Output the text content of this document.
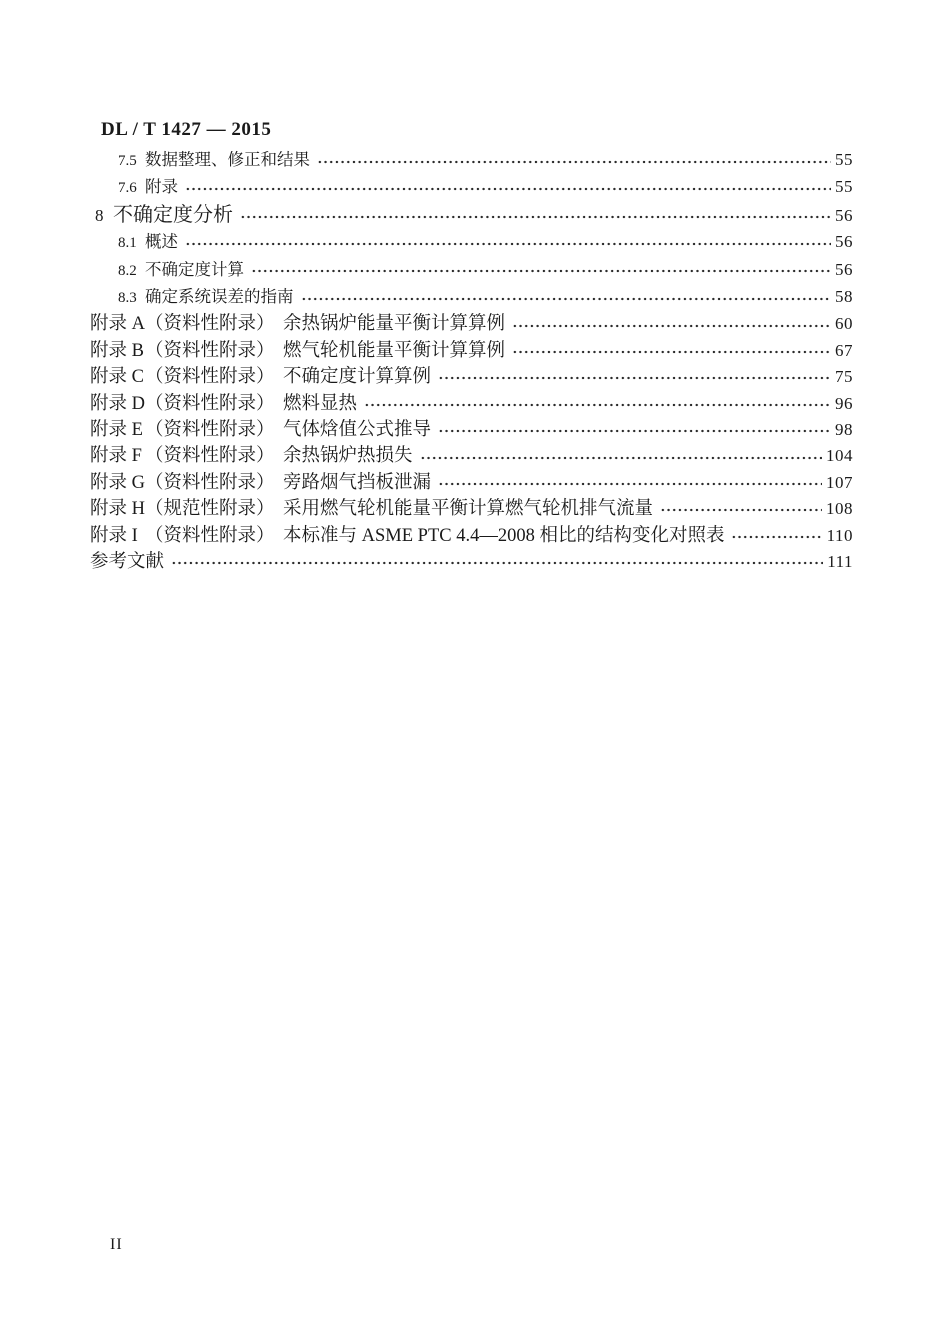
DL / T 1427 — 2015
7.5 数据整理、修正和结果	55
7.6 附录	55
8 不确定度分析	56
8.1 概述	56
8.2 不确定度计算	56
8.3 确定系统误差的指南	58
附录 A （资料性附录） 余热锅炉能量平衡计算算例	60
附录 B （资料性附录） 燃气轮机能量平衡计算算例	67
附录 C （资料性附录） 不确定度计算算例	75
附录 D （资料性附录） 燃料显热	96
附录 E （资料性附录） 气体焓值公式推导	98
附录 F （资料性附录） 余热锅炉热损失	104
附录 G （资料性附录） 旁路烟气挡板泄漏	107
附录 H （规范性附录） 采用燃气轮机能量平衡计算燃气轮机排气流量	108
附录 I （资料性附录） 本标准与 ASME PTC 4.4—2008 相比的结构变化对照表	110
参考文献	111
II
